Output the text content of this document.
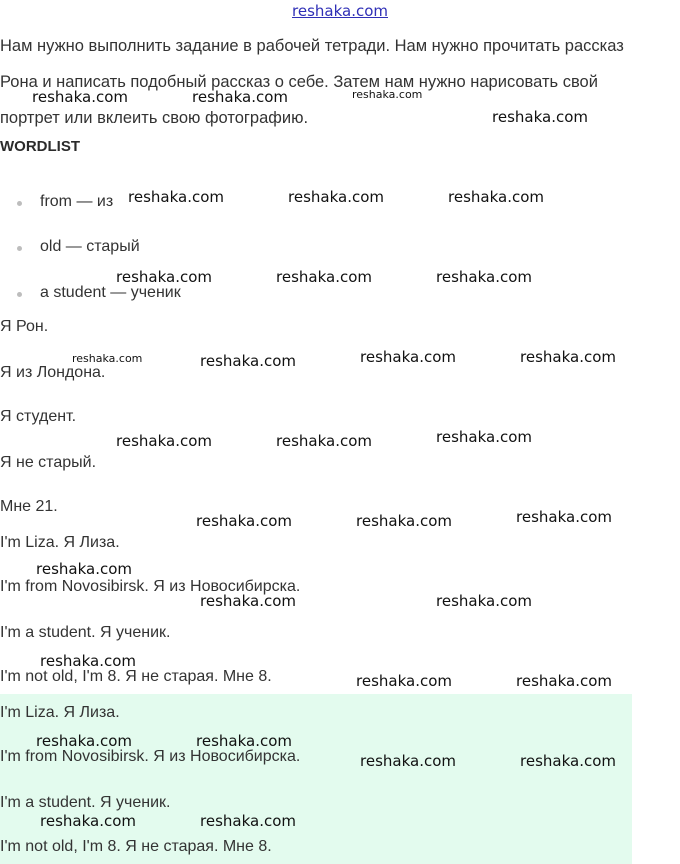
reshaka.com
Нам нужно выполнить задание в рабочей тетради. Нам нужно прочитать рассказ Рона и написать подобный рассказ о себе. Затем нам нужно нарисовать свой портрет или вклеить свою фотографию.
WORDLIST
from — из
old — старый
a student — ученик
Я Рон.
Я из Лондона.
Я студент.
Я не старый.
Мне 21.
I'm Liza. Я Лиза.
I'm from Novosibirsk. Я из Новосибирска.
I'm a student. Я ученик.
I'm not old, I'm 8. Я не старая. Мне 8.
I'm Liza. Я Лиза.
I'm from Novosibirsk. Я из Новосибирска.
I'm a student. Я ученик.
I'm not old, I'm 8. Я не старая. Мне 8.
reshaka.com	reshaka.com	reshaka.com
reshaka.com
reshaka.com	reshaka.com	reshaka.com
reshaka.com	reshaka.com	reshaka.com
reshaka.com	reshaka.com	reshaka.com	reshaka.com
reshaka.com	reshaka.com	reshaka.com
reshaka.com	reshaka.com	reshaka.com
reshaka.com
reshaka.com	reshaka.com
reshaka.com
reshaka.com	reshaka.com
reshaka.com	reshaka.com
reshaka.com	reshaka.com
reshaka.com	reshaka.com
